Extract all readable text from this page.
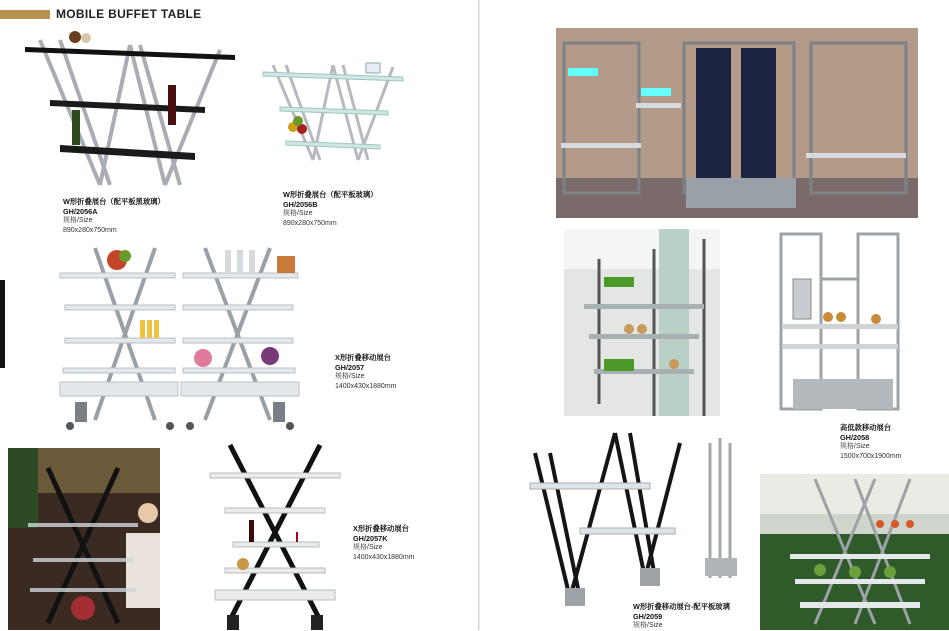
MOBILE BUFFET TABLE
W形折叠展台（配平板黑玻璃）
GH/2056A
规格/Size
890x280x750mm
W形折叠展台（配平板玻璃）
GH/2056B
规格/Size
890x280x750mm
X形折叠移动展台
GH/2057
规格/Size
1400x430x1880mm
X形折叠移动展台
GH/2057K
规格/Size
1400x430x1880mm
高低款移动展台
GH/2058
规格/Size
1500x700x1900mm
W形折叠移动展台-配平板玻璃
GH/2059
规格/Size
